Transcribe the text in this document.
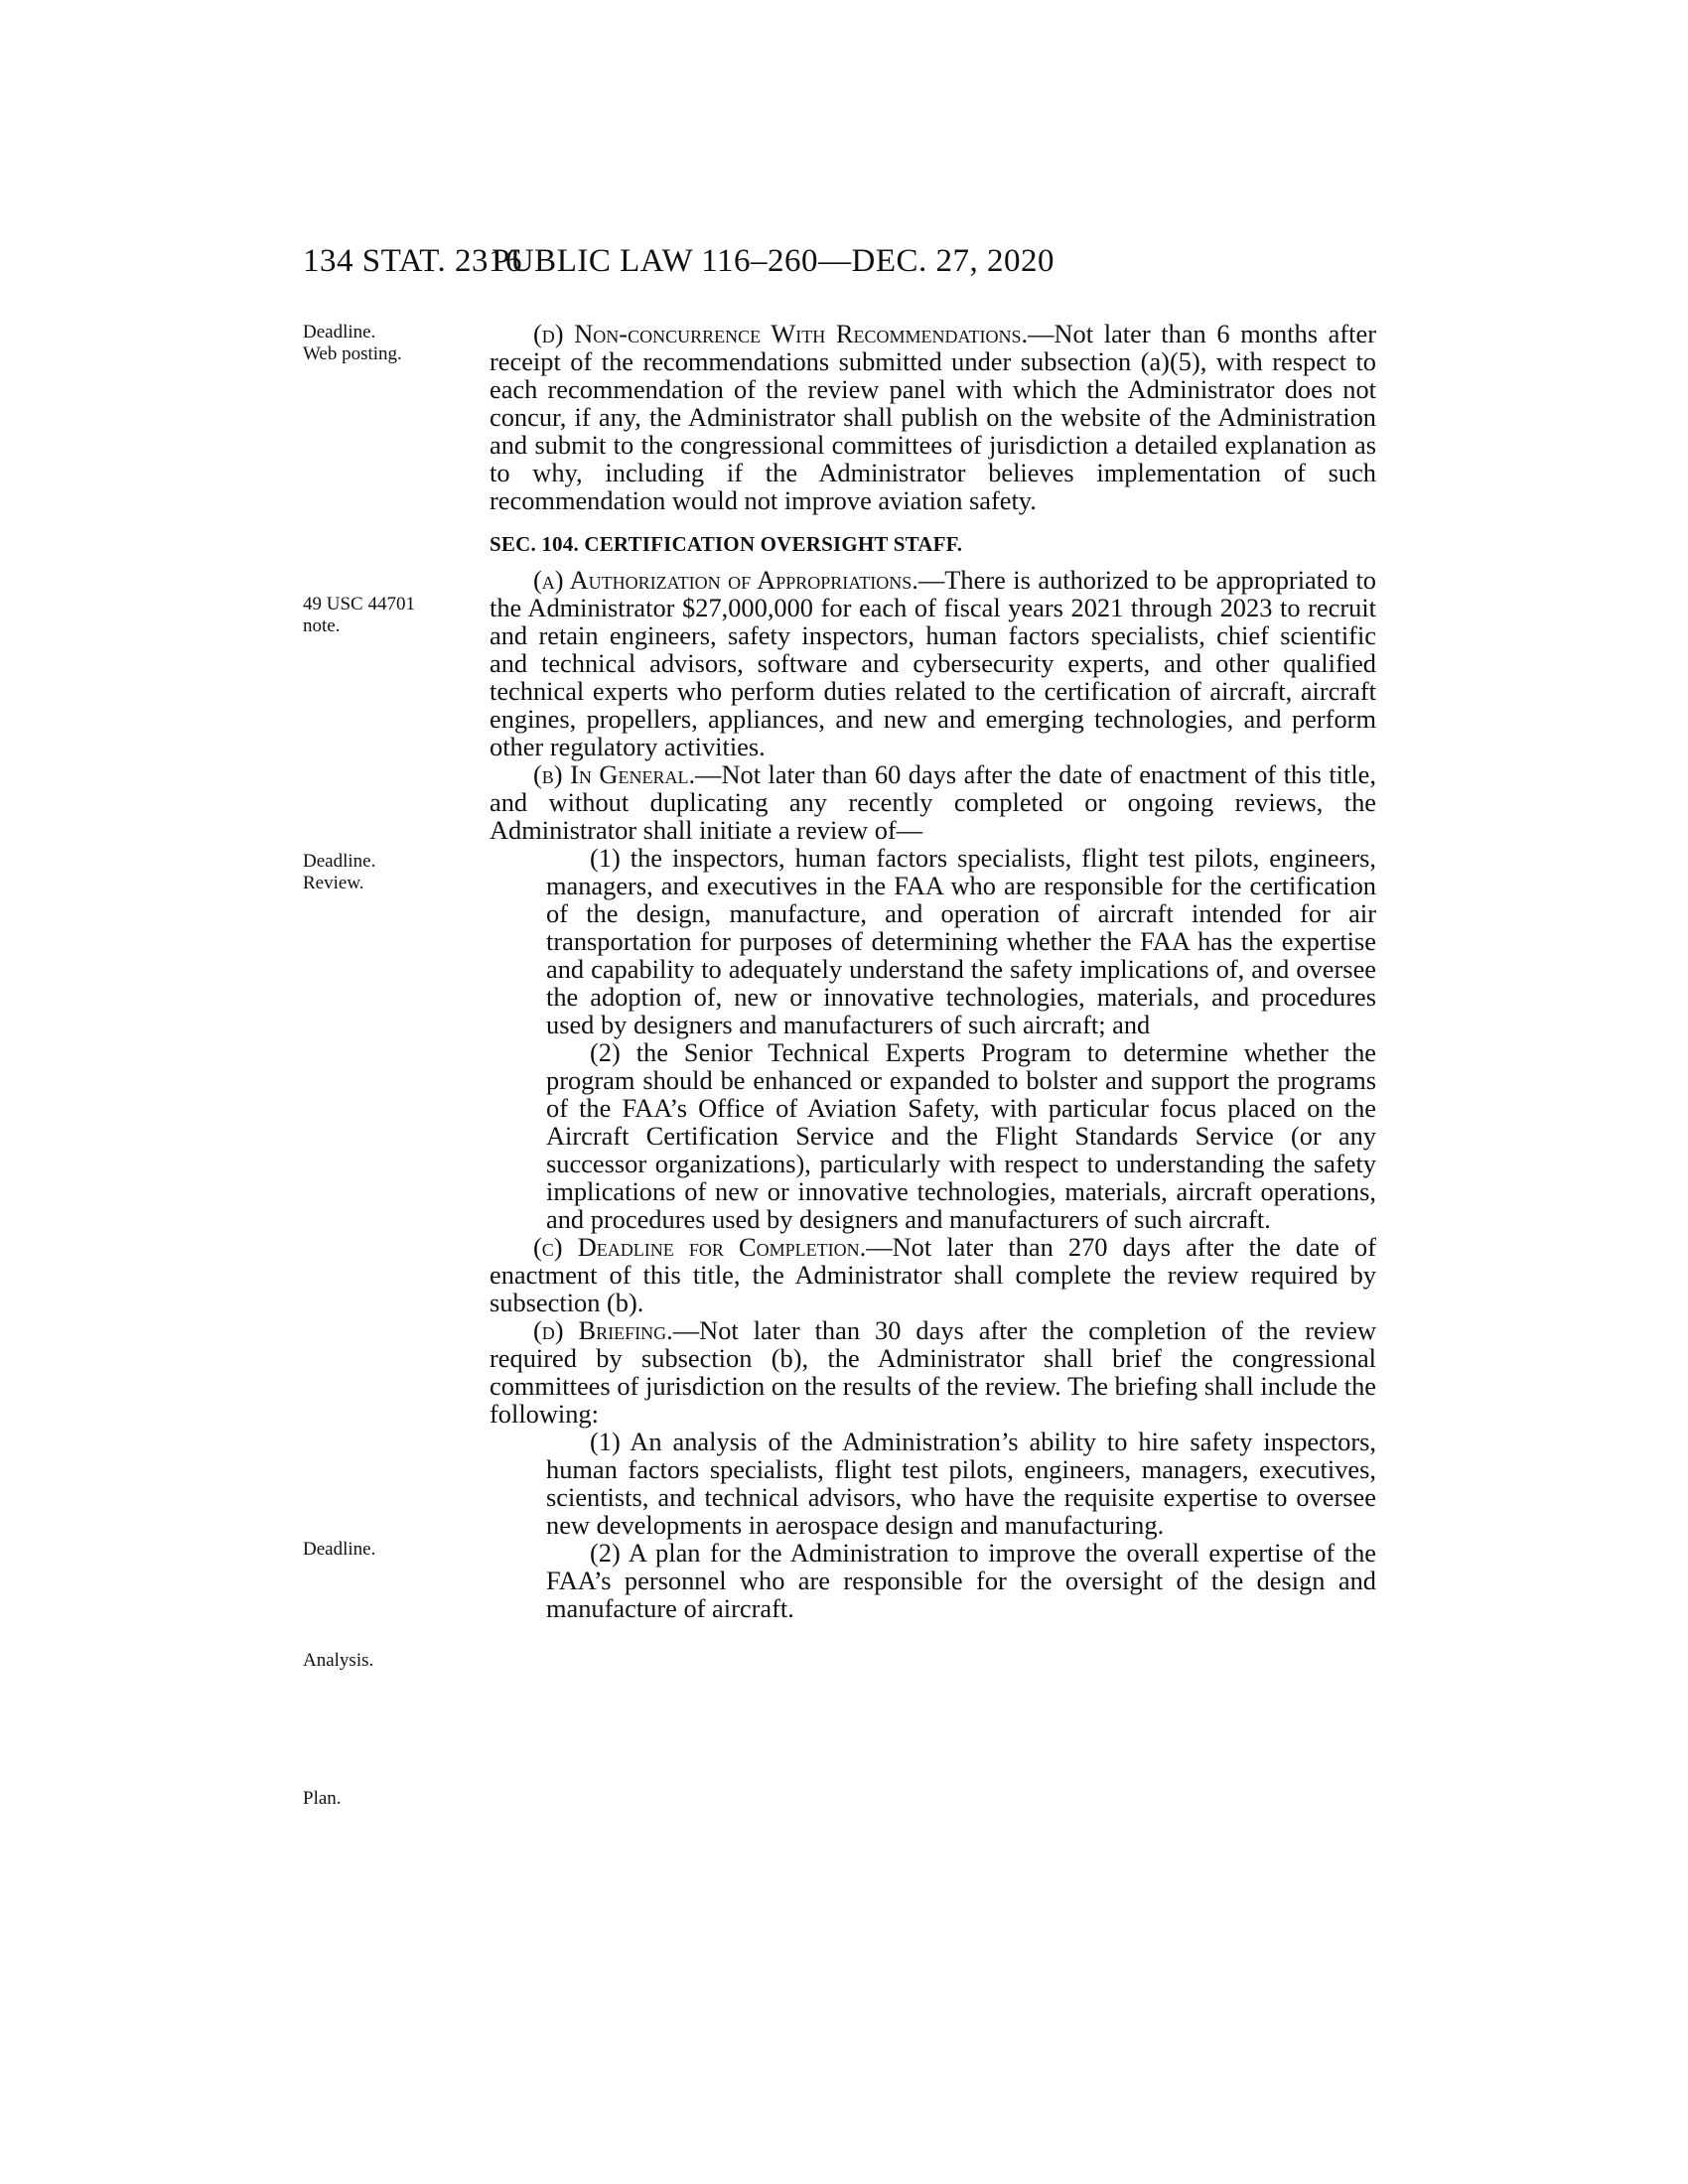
134 STAT. 2316
PUBLIC LAW 116–260—DEC. 27, 2020
Deadline.
Web posting.
49 USC 44701
note.
Deadline.
Review.
Deadline.
Analysis.
Plan.

(d) Non-concurrence With Recommendations.—Not later than 6 months after receipt of the recommendations submitted under subsection (a)(5), with respect to each recommendation of the review panel with which the Administrator does not concur, if any, the Administrator shall publish on the website of the Administration and submit to the congressional committees of jurisdiction a detailed explanation as to why, including if the Administrator believes implementation of such recommendation would not improve aviation safety.

SEC. 104. CERTIFICATION OVERSIGHT STAFF.

(a) Authorization of Appropriations.—There is authorized to be appropriated to the Administrator $27,000,000 for each of fiscal years 2021 through 2023 to recruit and retain engineers, safety inspectors, human factors specialists, chief scientific and technical advisors, software and cybersecurity experts, and other qualified technical experts who perform duties related to the certification of aircraft, aircraft engines, propellers, appliances, and new and emerging technologies, and perform other regulatory activities.

(b) In General.—Not later than 60 days after the date of enactment of this title, and without duplicating any recently completed or ongoing reviews, the Administrator shall initiate a review of—

(1) the inspectors, human factors specialists, flight test pilots, engineers, managers, and executives in the FAA who are responsible for the certification of the design, manufacture, and operation of aircraft intended for air transportation for purposes of determining whether the FAA has the expertise and capability to adequately understand the safety implications of, and oversee the adoption of, new or innovative technologies, materials, and procedures used by designers and manufacturers of such aircraft; and

(2) the Senior Technical Experts Program to determine whether the program should be enhanced or expanded to bolster and support the programs of the FAA’s Office of Aviation Safety, with particular focus placed on the Aircraft Certification Service and the Flight Standards Service (or any successor organizations), particularly with respect to understanding the safety implications of new or innovative technologies, materials, aircraft operations, and procedures used by designers and manufacturers of such aircraft.

(c) Deadline for Completion.—Not later than 270 days after the date of enactment of this title, the Administrator shall complete the review required by subsection (b).

(d) Briefing.—Not later than 30 days after the completion of the review required by subsection (b), the Administrator shall brief the congressional committees of jurisdiction on the results of the review. The briefing shall include the following:

(1) An analysis of the Administration’s ability to hire safety inspectors, human factors specialists, flight test pilots, engineers, managers, executives, scientists, and technical advisors, who have the requisite expertise to oversee new developments in aerospace design and manufacturing.

(2) A plan for the Administration to improve the overall expertise of the FAA’s personnel who are responsible for the oversight of the design and manufacture of aircraft.
